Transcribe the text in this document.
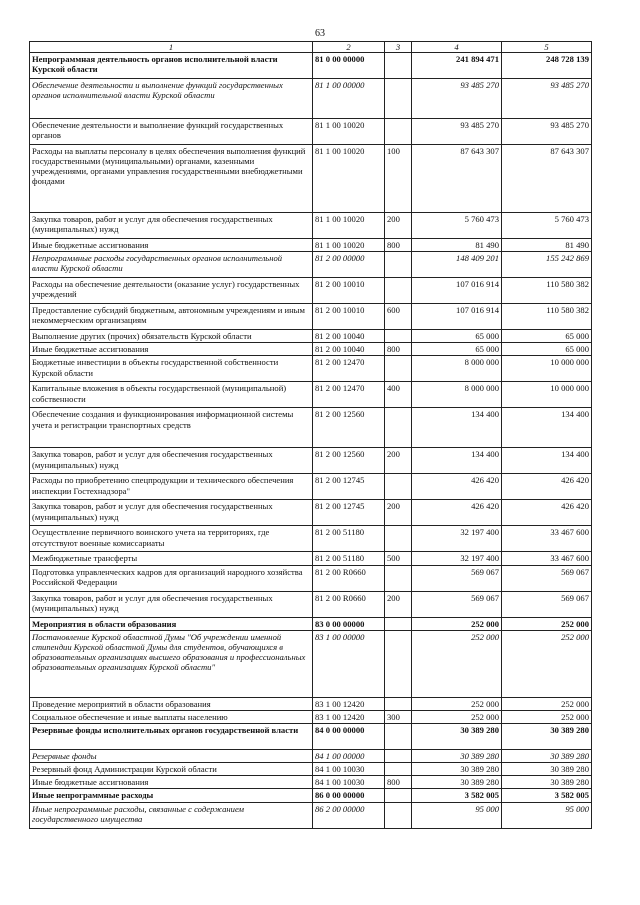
63
1	2	3	4	5
Непрограммная деятельность органов исполнительной власти Курской области	81 0 00 00000		241 894 471	248 728 139
Обеспечение деятельности и выполнение функций государственных органов исполнительной власти Курской области	81 1 00 00000		93 485 270	93 485 270
Обеспечение деятельности и выполнение функций государственных органов	81 1 00 10020		93 485 270	93 485 270
Расходы на выплаты персоналу в целях обеспечения выполнения функций государственными (муниципальными) органами, казенными учреждениями, органами управления государственными внебюджетными фондами	81 1 00 10020	100	87 643 307	87 643 307
Закупка товаров, работ и услуг для обеспечения государственных (муниципальных) нужд	81 1 00 10020	200	5 760 473	5 760 473
Иные бюджетные ассигнования	81 1 00 10020	800	81 490	81 490
Непрограммные расходы государственных органов исполнительной власти Курской области	81 2 00 00000		148 409 201	155 242 869
Расходы на обеспечение деятельности (оказание услуг) государственных учреждений	81 2 00 10010		107 016 914	110 580 382
Предоставление субсидий бюджетным, автономным учреждениям и иным некоммерческим организациям	81 2 00 10010	600	107 016 914	110 580 382
Выполнение других (прочих) обязательств Курской области	81 2 00 10040		65 000	65 000
Иные бюджетные ассигнования	81 2 00 10040	800	65 000	65 000
Бюджетные инвестиции в объекты государственной собственности Курской области	81 2 00 12470		8 000 000	10 000 000
Капитальные вложения в объекты государственной (муниципальной) собственности	81 2 00 12470	400	8 000 000	10 000 000
Обеспечение создания и функционирования информационной системы учета и регистрации транспортных средств	81 2 00 12560		134 400	134 400
Закупка товаров, работ и услуг для обеспечения государственных (муниципальных) нужд	81 2 00 12560	200	134 400	134 400
Расходы по приобретению спецпродукции и технического обеспечения инспекции Гостехнадзора"	81 2 00 12745		426 420	426 420
Закупка товаров, работ и услуг для обеспечения государственных (муниципальных) нужд	81 2 00 12745	200	426 420	426 420
Осуществление первичного воинского учета на территориях, где отсутствуют военные комиссариаты	81 2 00 51180		32 197 400	33 467 600
Межбюджетные трансферты	81 2 00 51180	500	32 197 400	33 467 600
Подготовка управленческих кадров для организаций народного хозяйства Российской Федерации	81 2 00 R0660		569 067	569 067
Закупка товаров, работ и услуг для обеспечения государственных (муниципальных) нужд	81 2 00 R0660	200	569 067	569 067
Мероприятия в области образования	83 0 00 00000		252 000	252 000
Постановление Курской областной Думы "Об учреждении именной стипендии Курской областной Думы для студентов, обучающихся в образовательных организациях высшего образования и профессиональных образовательных организациях Курской области"	83 1 00 00000		252 000	252 000
Проведение мероприятий в области образования	83 1 00 12420		252 000	252 000
Социальное обеспечение и иные выплаты населению	83 1 00 12420	300	252 000	252 000
Резервные фонды исполнительных органов государственной власти	84 0 00 00000		30 389 280	30 389 280
Резервные фонды	84 1 00 00000		30 389 280	30 389 280
Резервный фонд Администрации Курской области	84 1 00 10030		30 389 280	30 389 280
Иные бюджетные ассигнования	84 1 00 10030	800	30 389 280	30 389 280
Иные непрограммные расходы	86 0 00 00000		3 582 005	3 582 005
Иные непрограммные расходы, связанные с содержанием государственного имущества	86 2 00 00000		95 000	95 000
